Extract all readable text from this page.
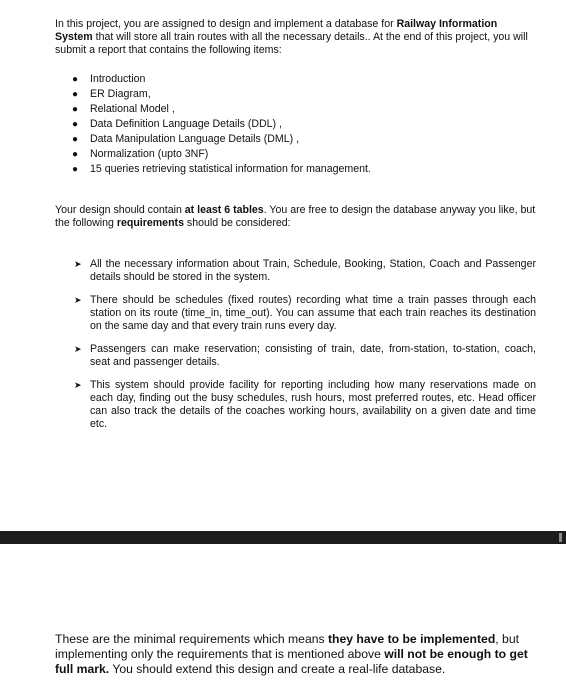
In this project, you are assigned to design and implement a database for Railway Information System that will store all train routes with all the necessary details.. At the end of this project, you will submit a report that contains the following items:

● Introduction
● ER Diagram,
● Relational Model ,
● Data Definition Language Details (DDL) ,
● Data Manipulation Language Details (DML) ,
● Normalization (upto 3NF)
● 15 queries retrieving statistical information for management.

Your design should contain at least 6 tables. You are free to design the database anyway you like, but the following requirements should be considered:

➤ All the necessary information about Train, Schedule, Booking, Station, Coach and Passenger details should be stored in the system.
➤ There should be schedules (fixed routes) recording what time a train passes through each station on its route (time_in, time_out). You can assume that each train reaches its destination on the same day and that every train runs every day.
➤ Passengers can make reservation; consisting of train, date, from-station, to-station, coach, seat and passenger details.
➤ This system should provide facility for reporting including how many reservations made on each day, finding out the busy schedules, rush hours, most preferred routes, etc. Head officer can also track the details of the coaches working hours, availability on a given date and time etc.

These are the minimal requirements which means they have to be implemented, but implementing only the requirements that is mentioned above will not be enough to get full mark. You should extend this design and create a real-life database.
